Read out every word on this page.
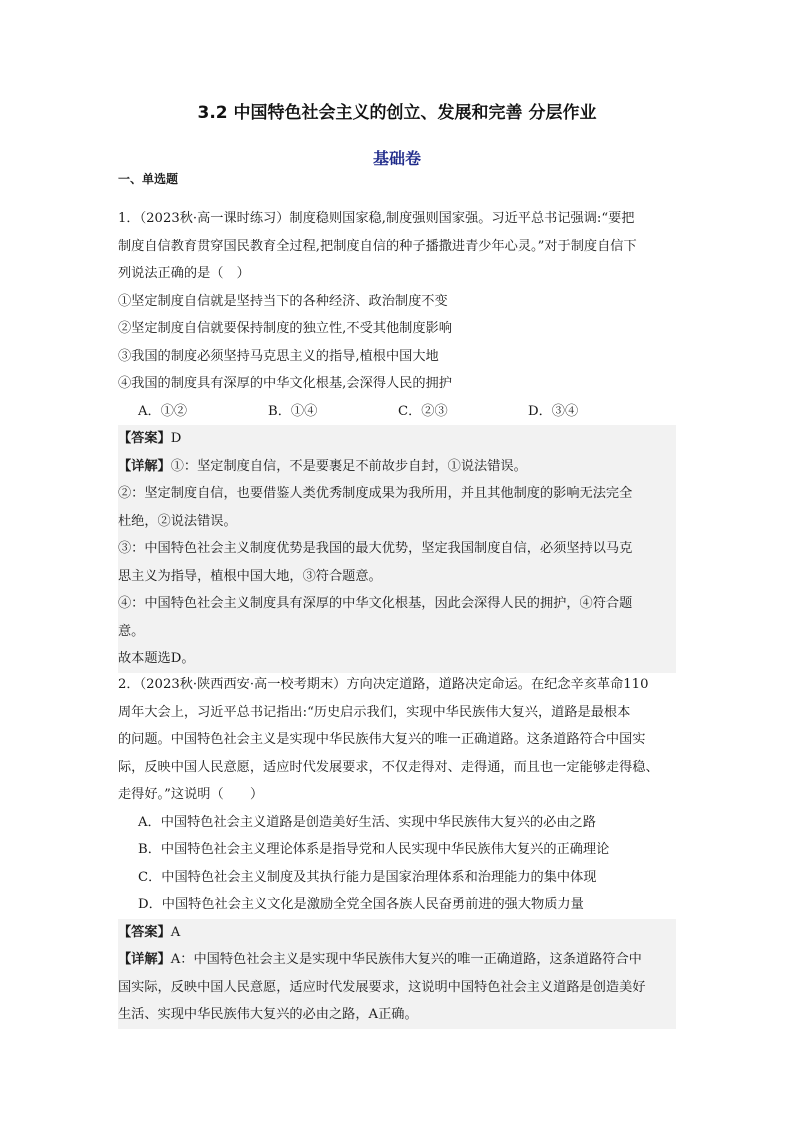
3.2 中国特色社会主义的创立、发展和完善 分层作业
基础卷
一、单选题

1．（2023秋·高一课时练习）制度稳则国家稳,制度强则国家强。习近平总书记强调:“要把

制度自信教育贯穿国民教育全过程,把制度自信的种子播撒进青少年心灵。”对于制度自信下

列说法正确的是（　）

①坚定制度自信就是坚持当下的各种经济、政治制度不变

②坚定制度自信就要保持制度的独立性,不受其他制度影响

③我国的制度必须坚持马克思主义的指导,植根中国大地

④我国的制度具有深厚的中华文化根基,会深得人民的拥护

A．①②	B．①④	C．②③	D．③④

【答案】D

【详解】①：坚定制度自信，不是要裹足不前故步自封，①说法错误。

②：坚定制度自信，也要借鉴人类优秀制度成果为我所用，并且其他制度的影响无法完全

杜绝，②说法错误。

③：中国特色社会主义制度优势是我国的最大优势，坚定我国制度自信，必须坚持以马克

思主义为指导，植根中国大地，③符合题意。

④：中国特色社会主义制度具有深厚的中华文化根基，因此会深得人民的拥护，④符合题

意。

故本题选D。

2．（2023秋·陕西西安·高一校考期末）方向决定道路，道路决定命运。在纪念辛亥革命110

周年大会上，习近平总书记指出:“历史启示我们，实现中华民族伟大复兴，道路是最根本

的问题。中国特色社会主义是实现中华民族伟大复兴的唯一正确道路。这条道路符合中国实

际，反映中国人民意愿，适应时代发展要求，不仅走得对、走得通，而且也一定能够走得稳、

走得好。”这说明（　　）

A．中国特色社会主义道路是创造美好生活、实现中华民族伟大复兴的必由之路

B．中国特色社会主义理论体系是指导党和人民实现中华民族伟大复兴的正确理论

C．中国特色社会主义制度及其执行能力是国家治理体系和治理能力的集中体现

D．中国特色社会主义文化是激励全党全国各族人民奋勇前进的强大物质力量

【答案】A

【详解】A：中国特色社会主义是实现中华民族伟大复兴的唯一正确道路，这条道路符合中

国实际，反映中国人民意愿，适应时代发展要求，这说明中国特色社会主义道路是创造美好

生活、实现中华民族伟大复兴的必由之路，A正确。
